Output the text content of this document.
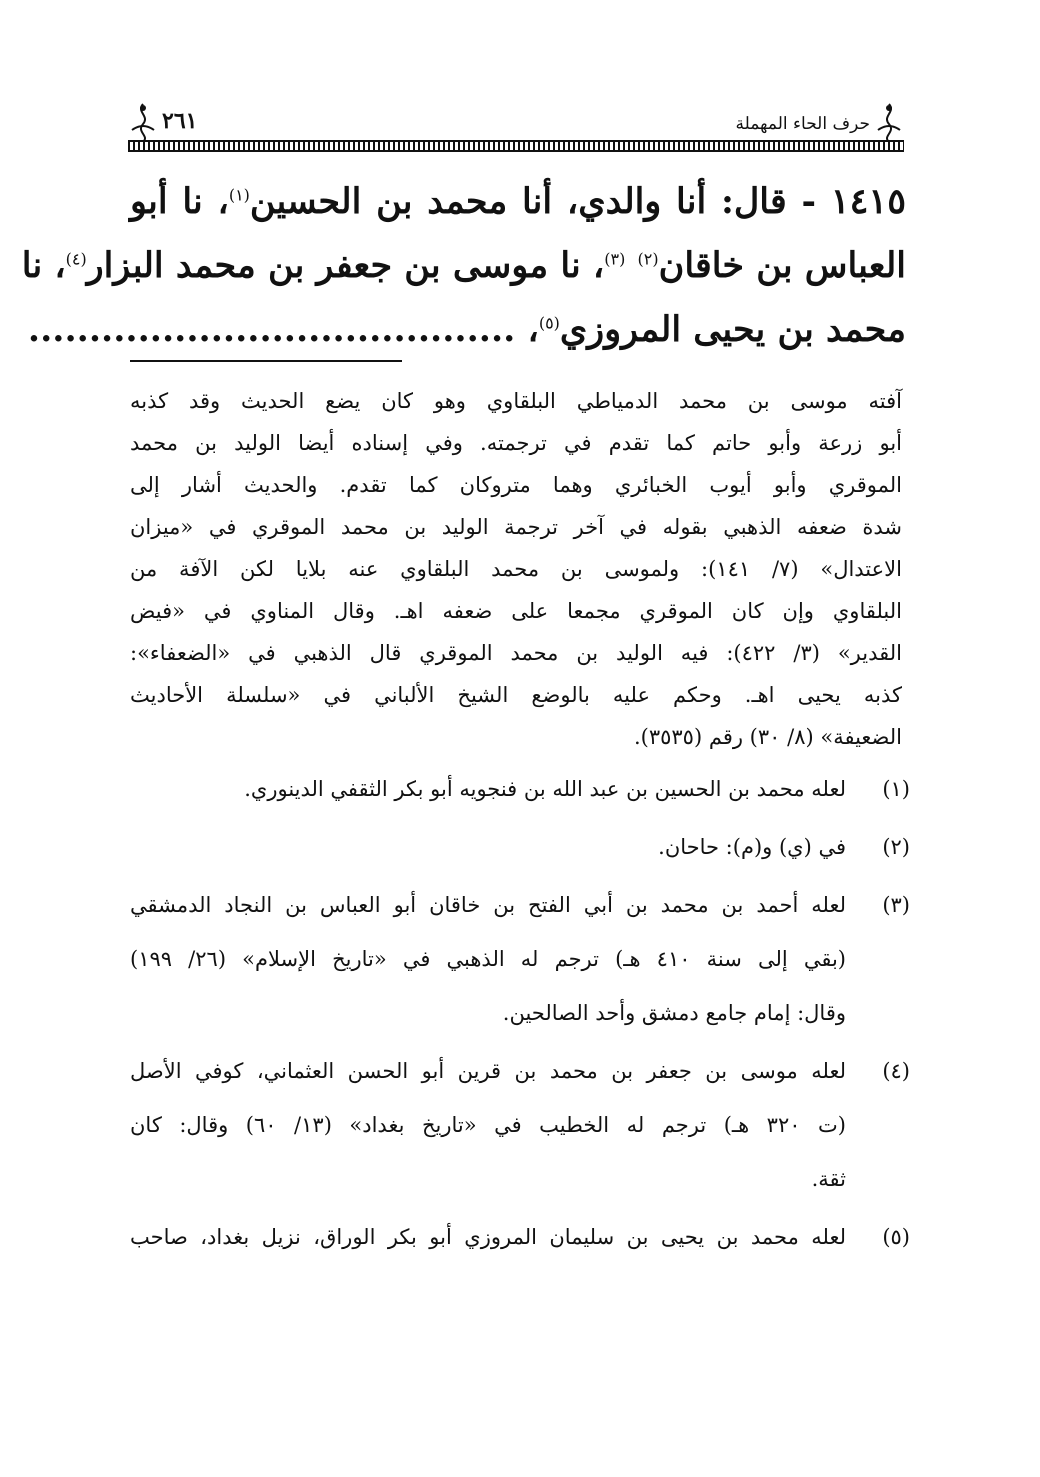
٢٦١	حرف الحاء المهملة
١٤١٥ - قال: أنا والدي، أنا محمد بن الحسين$^{(١)}$، نا أبو
العباس بن خاقان$^{(٢)}$ $^{(٣)}$، نا موسى بن جعفر بن محمد البزار$^{(٤)}$، نا
محمد بن يحيى المروزي$^{(٥)}$، ........................................
آفته موسى بن محمد الدمياطي البلقاوي وهو كان يضع الحديث وقد كذبه
أبو زرعة وأبو حاتم كما تقدم في ترجمته. وفي إسناده أيضا الوليد بن محمد
الموقري وأبو أيوب الخبائري وهما متروكان كما تقدم. والحديث أشار إلى
شدة ضعفه الذهبي بقوله في آخر ترجمة الوليد بن محمد الموقري في «ميزان
الاعتدال» (٧/ ١٤١): ولموسى بن محمد البلقاوي عنه بلايا لكن الآفة من
البلقاوي وإن كان الموقري مجمعا على ضعفه اهـ. وقال المناوي في «فيض
القدير» (٣/ ٤٢٢): فيه الوليد بن محمد الموقري قال الذهبي في «الضعفاء»:
كذبه يحيى اهـ. وحكم عليه بالوضع الشيخ الألباني في «سلسلة الأحاديث
الضعيفة» (٨/ ٣٠) رقم (٣٥٣٥).
(١)
لعله محمد بن الحسين بن عبد الله بن فنجويه أبو بكر الثقفي الدينوري.
(٢)
في (ي) و(م): حاحان.
(٣)
لعله أحمد بن محمد بن أبي الفتح بن خاقان أبو العباس بن النجاد الدمشقي
(بقي إلى سنة ٤١٠ هـ) ترجم له الذهبي في «تاريخ الإسلام» (٢٦/ ١٩٩)
وقال: إمام جامع دمشق وأحد الصالحين.
(٤)
لعله موسى بن جعفر بن محمد بن قرين أبو الحسن العثماني، كوفي الأصل
(ت ٣٢٠ هـ) ترجم له الخطيب في «تاريخ بغداد» (١٣/ ٦٠) وقال: كان
ثقة.
(٥)
لعله محمد بن يحيى بن سليمان المروزي أبو بكر الوراق، نزيل بغداد، صاحب
